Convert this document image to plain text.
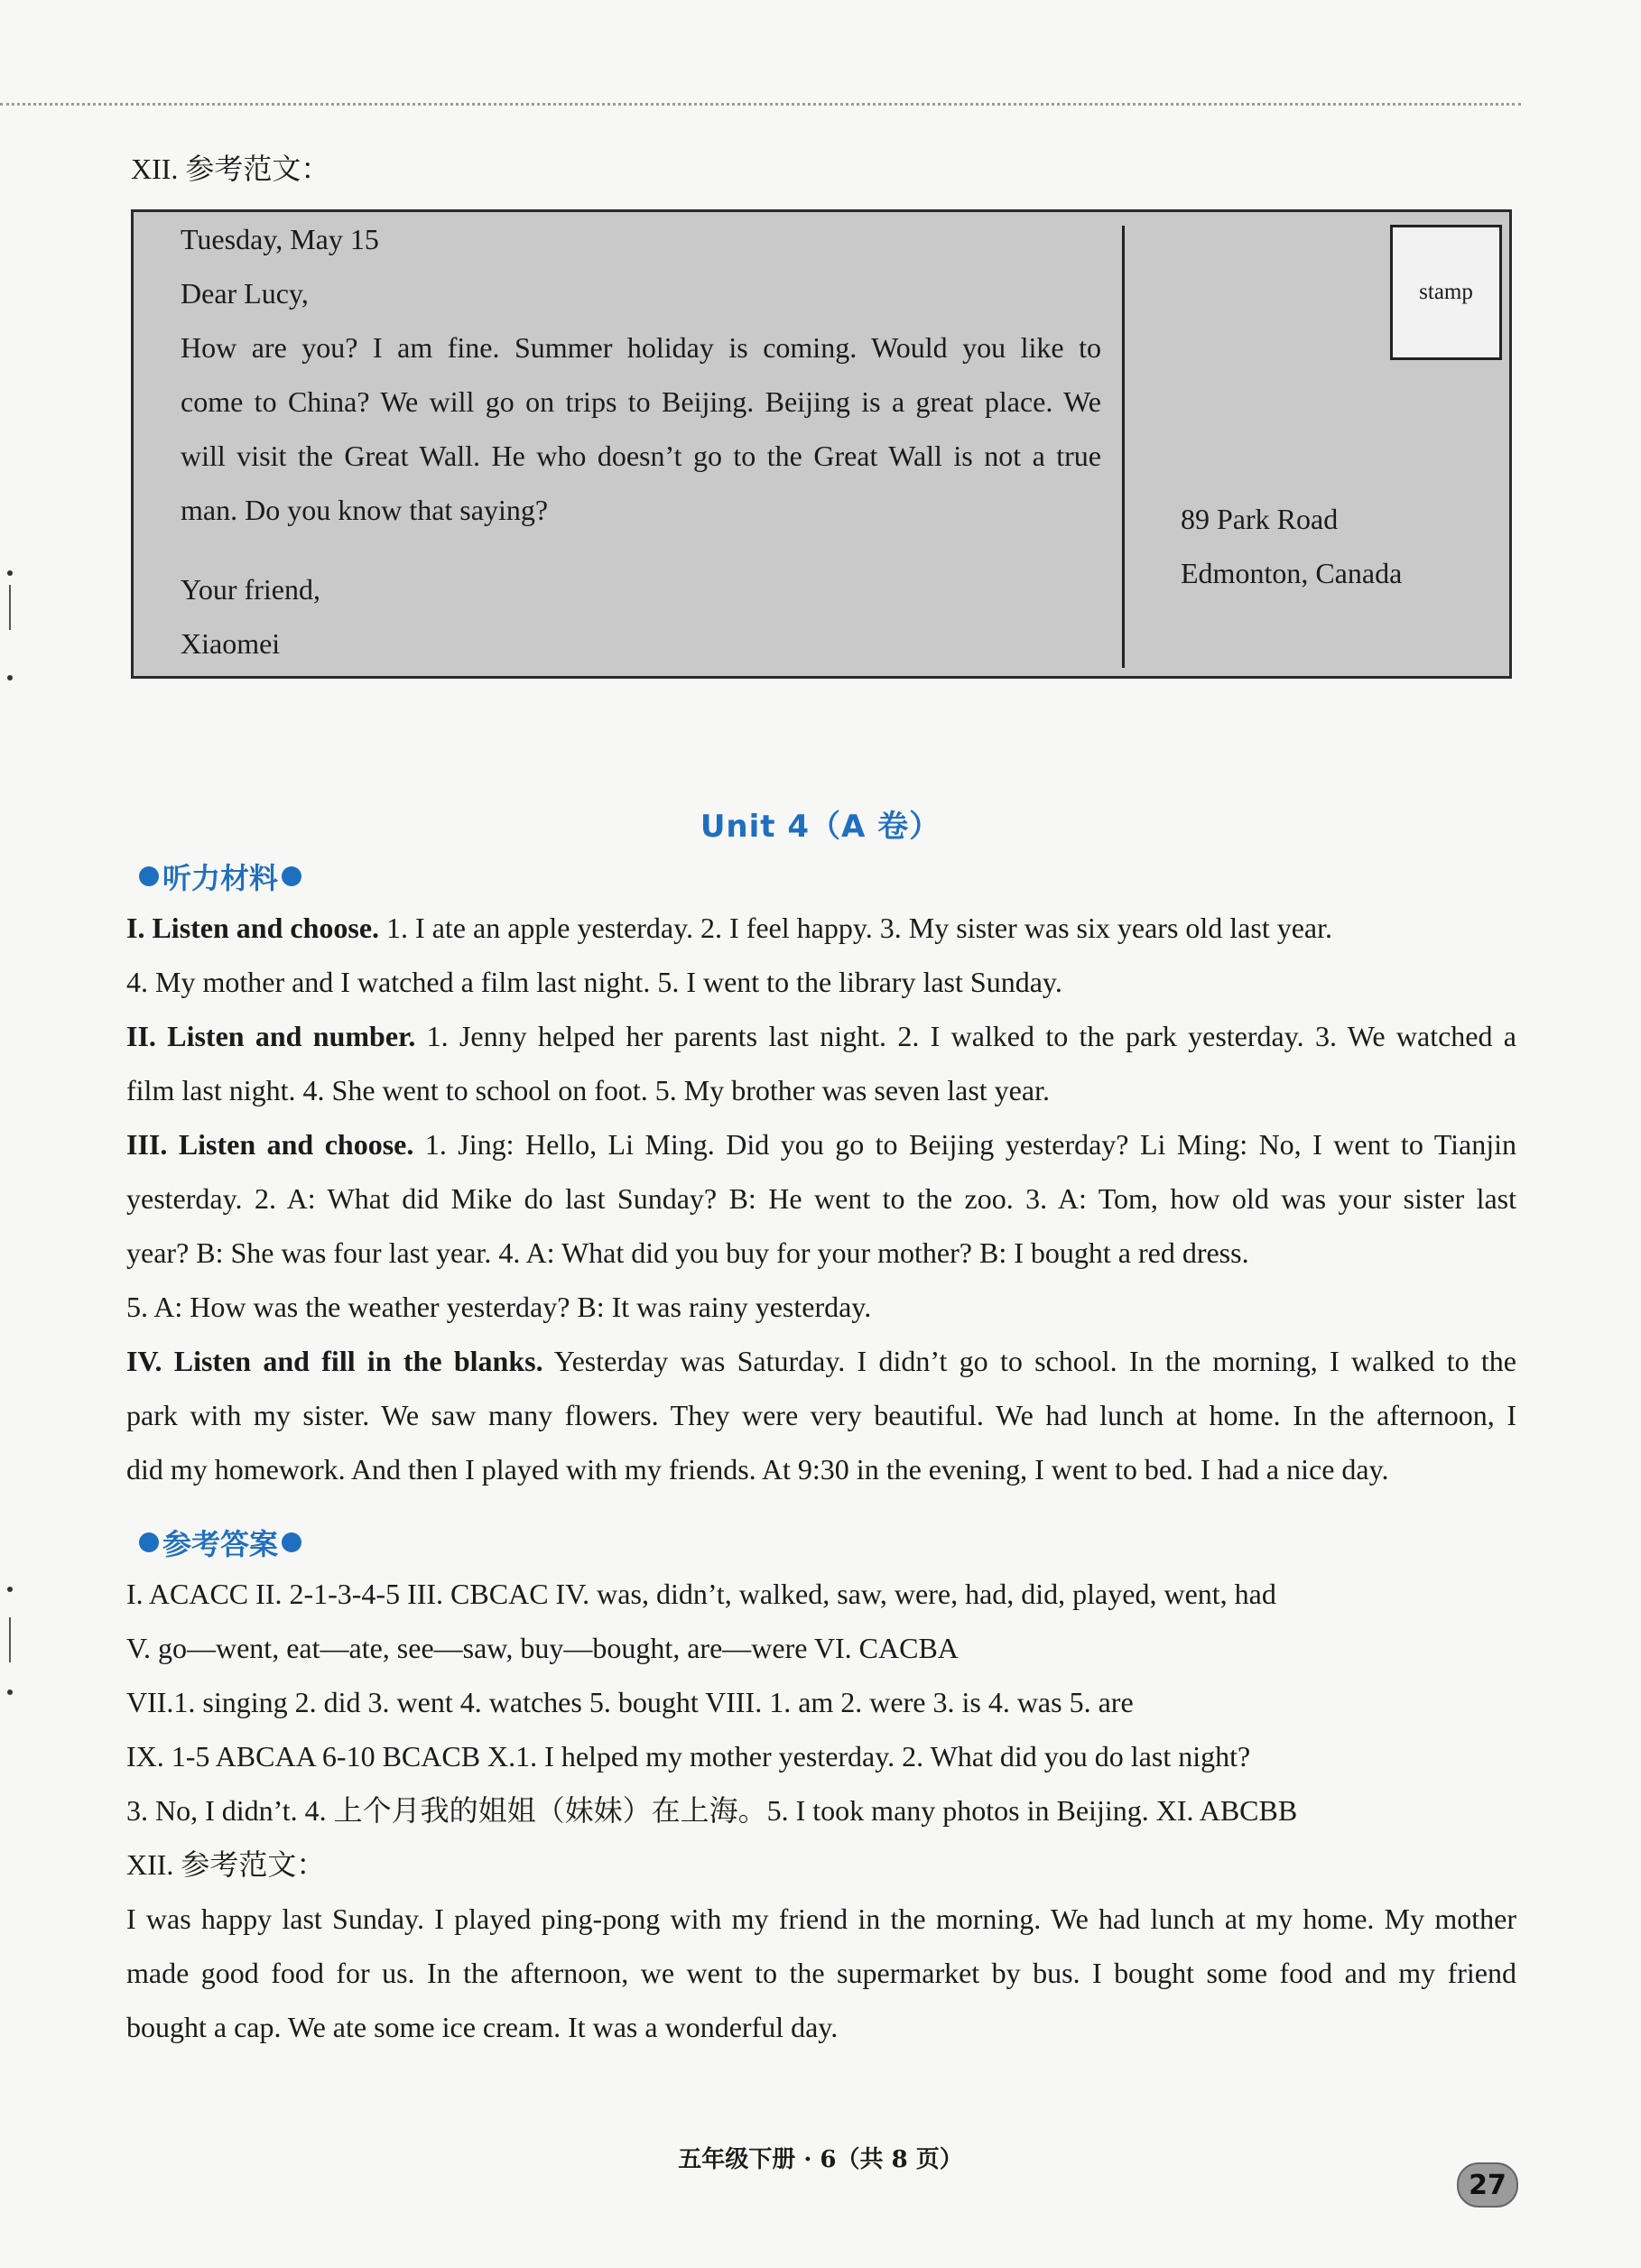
XII. 参考范文：
Tuesday, May 15
Dear Lucy,
How are you? I am fine. Summer holiday is coming. Would you like to
come to China? We will go on trips to Beijing. Beijing is a great place. We
will visit the Great Wall. He who doesn’t go to the Great Wall is not a true
man. Do you know that saying?
Your friend,
Xiaomei
stamp
89 Park Road
Edmonton, Canada
Unit 4（A 卷）
听力材料
I. Listen and choose. 1. I ate an apple yesterday. 2. I feel happy. 3. My sister was six years old last year.
4. My mother and I watched a film last night. 5. I went to the library last Sunday.
II. Listen and number. 1. Jenny helped her parents last night. 2. I walked to the park yesterday. 3. We watched a
film last night. 4. She went to school on foot. 5. My brother was seven last year.
III. Listen and choose. 1. Jing: Hello, Li Ming. Did you go to Beijing yesterday? Li Ming: No, I went to Tianjin
yesterday. 2. A: What did Mike do last Sunday? B: He went to the zoo. 3. A: Tom, how old was your sister last
year? B: She was four last year. 4. A: What did you buy for your mother? B: I bought a red dress.
5. A: How was the weather yesterday? B: It was rainy yesterday.
IV. Listen and fill in the blanks. Yesterday was Saturday. I didn’t go to school. In the morning, I walked to the
park with my sister. We saw many flowers. They were very beautiful. We had lunch at home. In the afternoon, I
did my homework. And then I played with my friends. At 9:30 in the evening, I went to bed. I had a nice day.
参考答案
I. ACACC II. 2-1-3-4-5 III. CBCAC IV. was, didn’t, walked, saw, were, had, did, played, went, had
V. go—went, eat—ate, see—saw, buy—bought, are—were VI. CACBA
VII.1. singing 2. did 3. went 4. watches 5. bought VIII. 1. am 2. were 3. is 4. was 5. are
IX. 1-5 ABCAA 6-10 BCACB X.1. I helped my mother yesterday. 2. What did you do last night?
3. No, I didn’t. 4. 上个月我的姐姐（妹妹）在上海。5. I took many photos in Beijing. XI. ABCBB
XII. 参考范文：
I was happy last Sunday. I played ping-pong with my friend in the morning. We had lunch at my home. My mother
made good food for us. In the afternoon, we went to the supermarket by bus. I bought some food and my friend
bought a cap. We ate some ice cream. It was a wonderful day.
五年级下册 · 6（共 8 页）
27
